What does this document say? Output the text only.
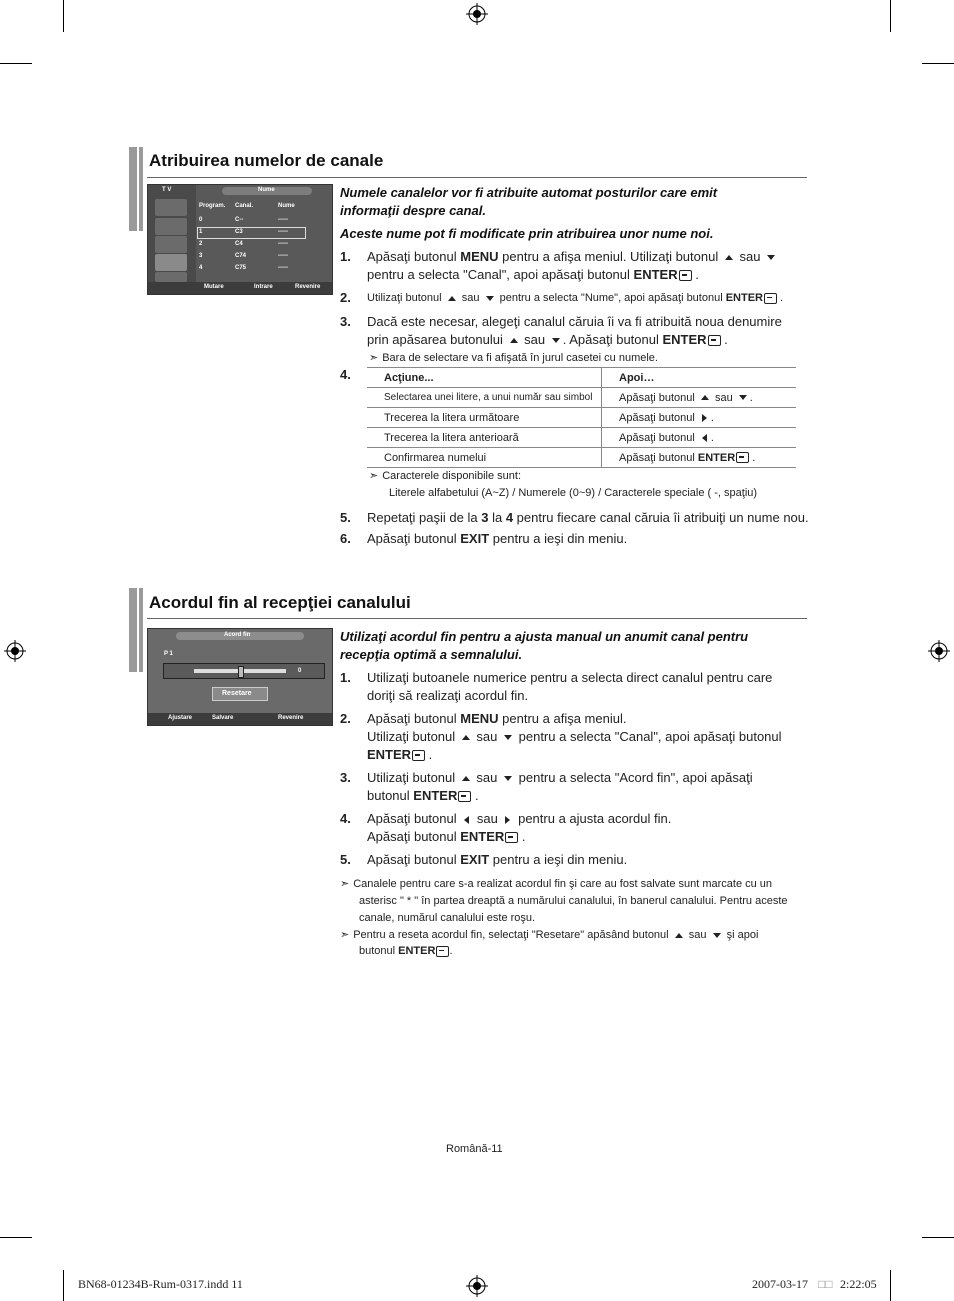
Atribuirea numelor de canale
T V	Nume
Program. Canal.	Nume
0	C--	-----
1	C3	-----
2	C4	-----
3	C74	-----
4	C75	-----
Mutare	Intrare	Revenire
Numele canalelor vor fi atribuite automat posturilor care emit informaţii despre canal.
Aceste nume pot fi modificate prin atribuirea unor nume noi.
1. Apăsaţi butonul MENU pentru a afişa meniul. Utilizaţi butonul sau  pentru a selecta "Canal", apoi apăsaţi butonul ENTER .
2. Utilizaţi butonul sau pentru a selecta "Nume", apoi apăsaţi butonul ENTER .
3. Dacă este necesar, alegeţi canalul căruia îi va fi atribuită noua denumire
prin apăsarea butonului sau . Apăsaţi butonul ENTER .
➣ Bara de selectare va fi afişată în jurul casetei cu numele.
4.	Acţiune...	Apoi…
Selectarea unei litere, a unui număr sau simbol	Apăsaţi butonul sau .
Trecerea la litera următoare	Apăsaţi butonul .
Trecerea la litera anterioară	Apăsaţi butonul .
Confirmarea numelui	Apăsaţi butonul ENTER .
➣ Caracterele disponibile sunt:
Literele alfabetului (A~Z) / Numerele (0~9) / Caracterele speciale ( -, spaţiu)
5. Repetaţi paşii de la 3 la 4 pentru fiecare canal căruia îi atribuiţi un nume nou.
6. Apăsaţi butonul EXIT pentru a ieşi din meniu.
Acordul fin al recepţiei canalului
Acord fin
P 1
0
Resetare
Ajustare	Salvare	Revenire
Utilizaţi acordul fin pentru a ajusta manual un anumit canal pentru recepţia optimă a semnalului.
1. Utilizaţi butoanele numerice pentru a selecta direct canalul pentru care
doriţi să realizaţi acordul fin.
2. Apăsaţi butonul MENU pentru a afişa meniul.
Utilizaţi butonul sau pentru a selecta "Canal", apoi apăsaţi butonul
ENTER .
3. Utilizaţi butonul sau pentru a selecta "Acord fin", apoi apăsaţi
butonul ENTER .
4. Apăsaţi butonul sau pentru a ajusta acordul fin.
Apăsaţi butonul ENTER .
5. Apăsaţi butonul EXIT pentru a ieşi din meniu.
➣ Canalele pentru care s-a realizat acordul fin şi care au fost salvate sunt marcate cu un
asterisc " * " în partea dreaptă a numărului canalului, în banerul canalului. Pentru aceste
canale, numărul canalului este roşu.
➣ Pentru a reseta acordul fin, selectaţi "Resetare" apăsând butonul sau şi apoi
butonul ENTER .
Română-11
BN68-01234B-Rum-0317.indd 11	2007-03-17 □□ 2:22:05
